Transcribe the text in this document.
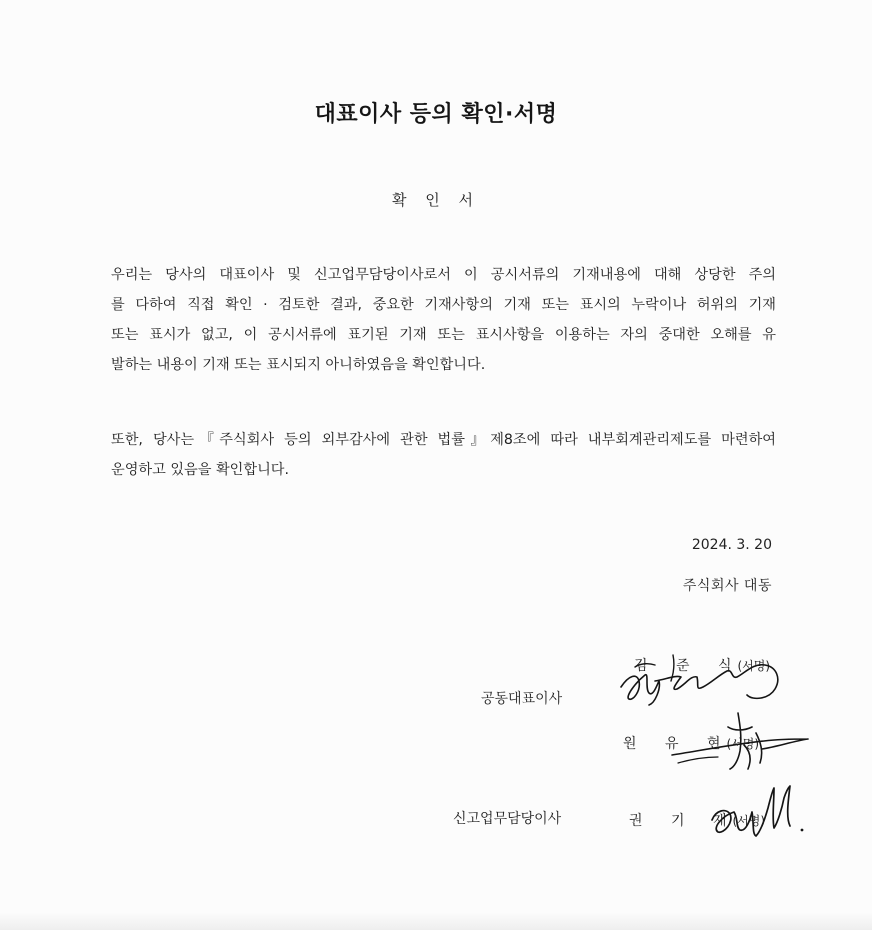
대표이사 등의 확인·서명
확 인 서
우리는 당사의 대표이사 및 신고업무담당이사로서 이 공시서류의 기재내용에 대해 상당한 주의
를 다하여 직접 확인 · 검토한 결과, 중요한 기재사항의 기재 또는 표시의 누락이나 허위의 기재
또는 표시가 없고, 이 공시서류에 표기된 기재 또는 표시사항을 이용하는 자의 중대한 오해를 유
발하는 내용이 기재 또는 표시되지 아니하였음을 확인합니다.
또한, 당사는『주식회사 등의 외부감사에 관한 법률』제8조에 따라 내부회계관리제도를 마련하여
운영하고 있음을 확인합니다.
2024. 3. 20
주식회사 대동
공동대표이사
신고업무담당이사
김 준 식(서명)
원 유 현(서명)
권 기 재(서명)
